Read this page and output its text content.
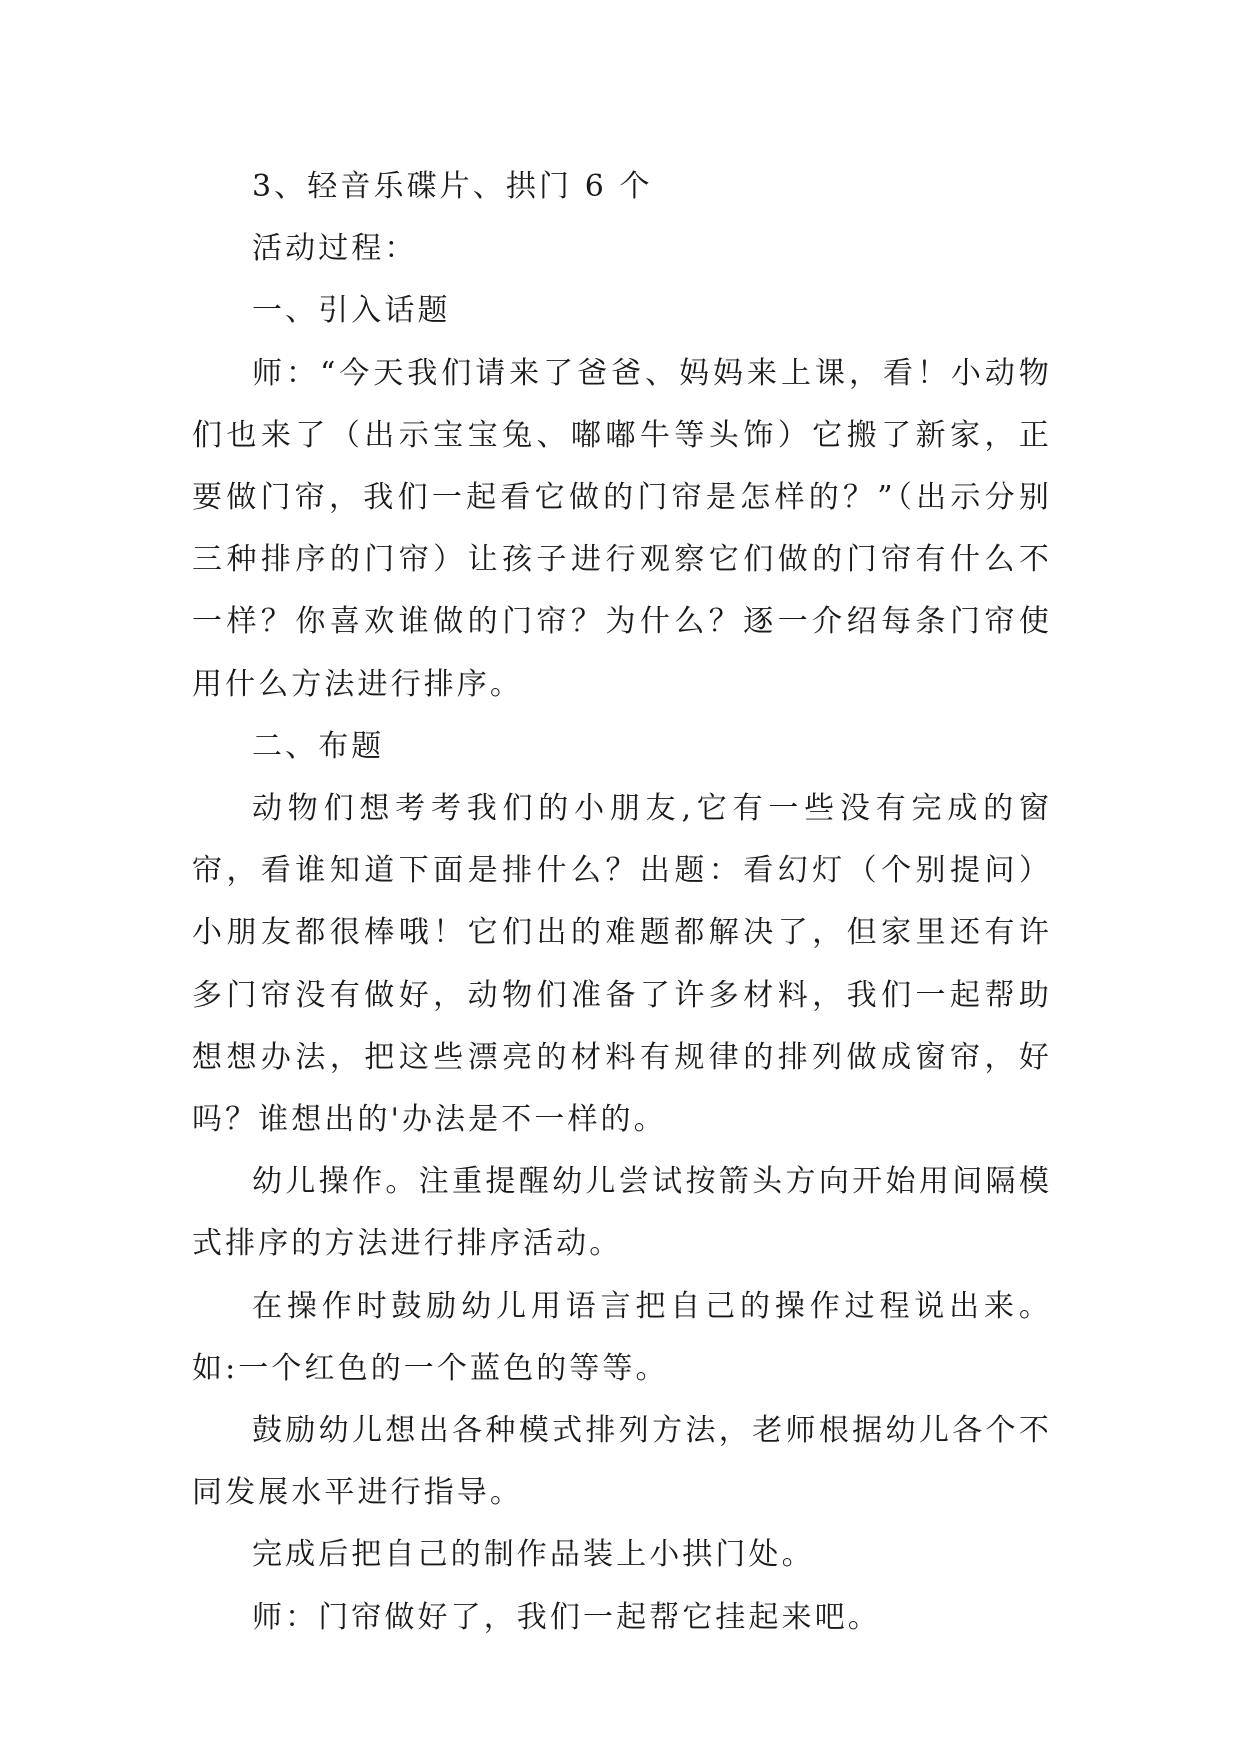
3、轻音乐碟片、拱门 6 个

活动过程：

一、引入话题

师：“今天我们请来了爸爸、妈妈来上课，看！小动物们也来了（出示宝宝兔、嘟嘟牛等头饰）它搬了新家，正要做门帘，我们一起看它做的门帘是怎样的？”（出示分别三种排序的门帘）让孩子进行观察它们做的门帘有什么不一样？你喜欢谁做的门帘？为什么？逐一介绍每条门帘使用什么方法进行排序。

二、布题

动物们想考考我们的小朋友,它有一些没有完成的窗帘，看谁知道下面是排什么？出题：看幻灯（个别提问）小朋友都很棒哦！它们出的难题都解决了，但家里还有许多门帘没有做好，动物们准备了许多材料，我们一起帮助想想办法，把这些漂亮的材料有规律的排列做成窗帘，好吗？谁想出的'办法是不一样的。

幼儿操作。注重提醒幼儿尝试按箭头方向开始用间隔模式排序的方法进行排序活动。

在操作时鼓励幼儿用语言把自己的操作过程说出来。如:一个红色的一个蓝色的等等。

鼓励幼儿想出各种模式排列方法，老师根据幼儿各个不同发展水平进行指导。

完成后把自己的制作品装上小拱门处。

师：门帘做好了，我们一起帮它挂起来吧。
